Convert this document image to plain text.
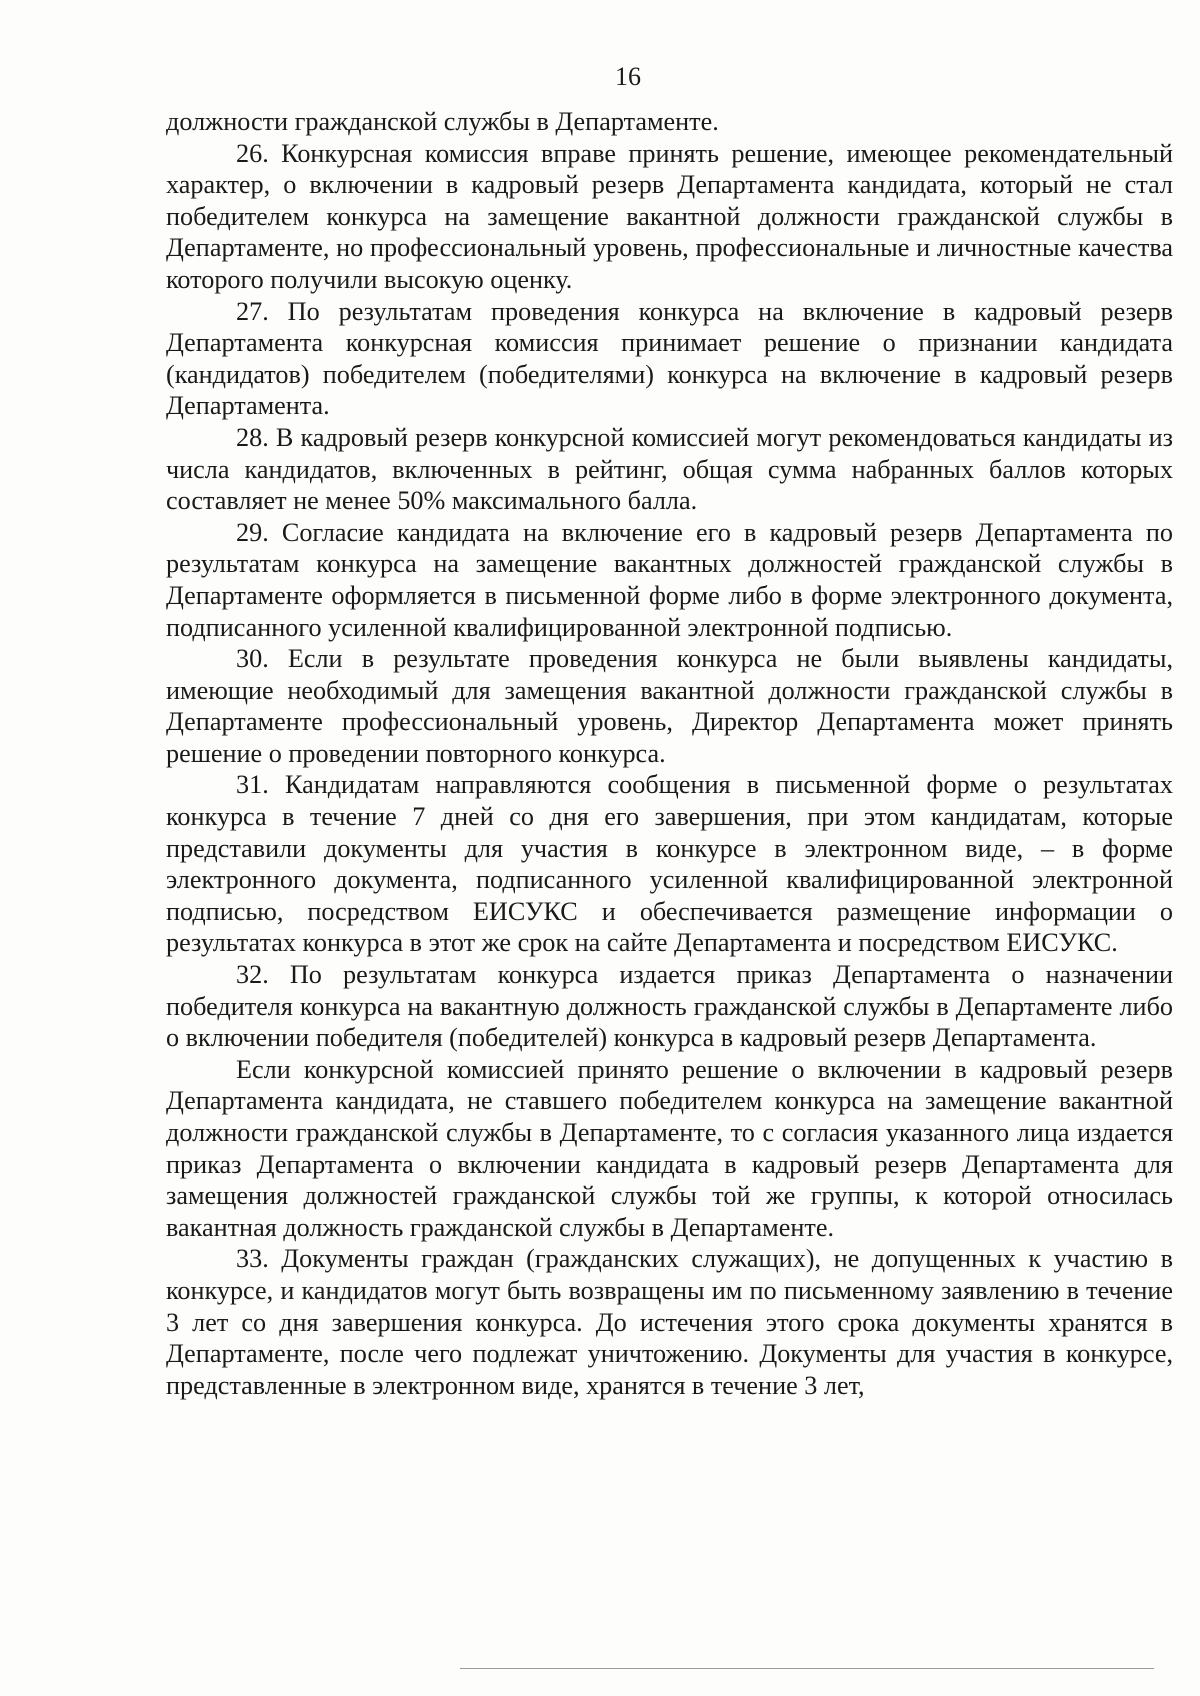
16

должности гражданской службы в Департаменте.

26. Конкурсная комиссия вправе принять решение, имеющее рекомендательный характер, о включении в кадровый резерв Департамента кандидата, который не стал победителем конкурса на замещение вакантной должности гражданской службы в Департаменте, но профессиональный уровень, профессиональные и личностные качества которого получили высокую оценку.

27. По результатам проведения конкурса на включение в кадровый резерв Департамента конкурсная комиссия принимает решение о признании кандидата (кандидатов) победителем (победителями) конкурса на включение в кадровый резерв Департамента.

28. В кадровый резерв конкурсной комиссией могут рекомендоваться кандидаты из числа кандидатов, включенных в рейтинг, общая сумма набранных баллов которых составляет не менее 50% максимального балла.

29. Согласие кандидата на включение его в кадровый резерв Департамента по результатам конкурса на замещение вакантных должностей гражданской службы в Департаменте оформляется в письменной форме либо в форме электронного документа, подписанного усиленной квалифицированной электронной подписью.

30. Если в результате проведения конкурса не были выявлены кандидаты, имеющие необходимый для замещения вакантной должности гражданской службы в Департаменте профессиональный уровень, Директор Департамента может принять решение о проведении повторного конкурса.

31. Кандидатам направляются сообщения в письменной форме о результатах конкурса в течение 7 дней со дня его завершения, при этом кандидатам, которые представили документы для участия в конкурсе в электронном виде, – в форме электронного документа, подписанного усиленной квалифицированной электронной подписью, посредством ЕИСУКС и обеспечивается размещение информации о результатах конкурса в этот же срок на сайте Департамента и посредством ЕИСУКС.

32. По результатам конкурса издается приказ Департамента о назначении победителя конкурса на вакантную должность гражданской службы в Департаменте либо о включении победителя (победителей) конкурса в кадровый резерв Департамента.

Если конкурсной комиссией принято решение о включении в кадровый резерв Департамента кандидата, не ставшего победителем конкурса на замещение вакантной должности гражданской службы в Департаменте, то с согласия указанного лица издается приказ Департамента о включении кандидата в кадровый резерв Департамента для замещения должностей гражданской службы той же группы, к которой относилась вакантная должность гражданской службы в Департаменте.

33. Документы граждан (гражданских служащих), не допущенных к участию в конкурсе, и кандидатов могут быть возвращены им по письменному заявлению в течение 3 лет со дня завершения конкурса. До истечения этого срока документы хранятся в Департаменте, после чего подлежат уничтожению. Документы для участия в конкурсе, представленные в электронном виде, хранятся в течение 3 лет,
